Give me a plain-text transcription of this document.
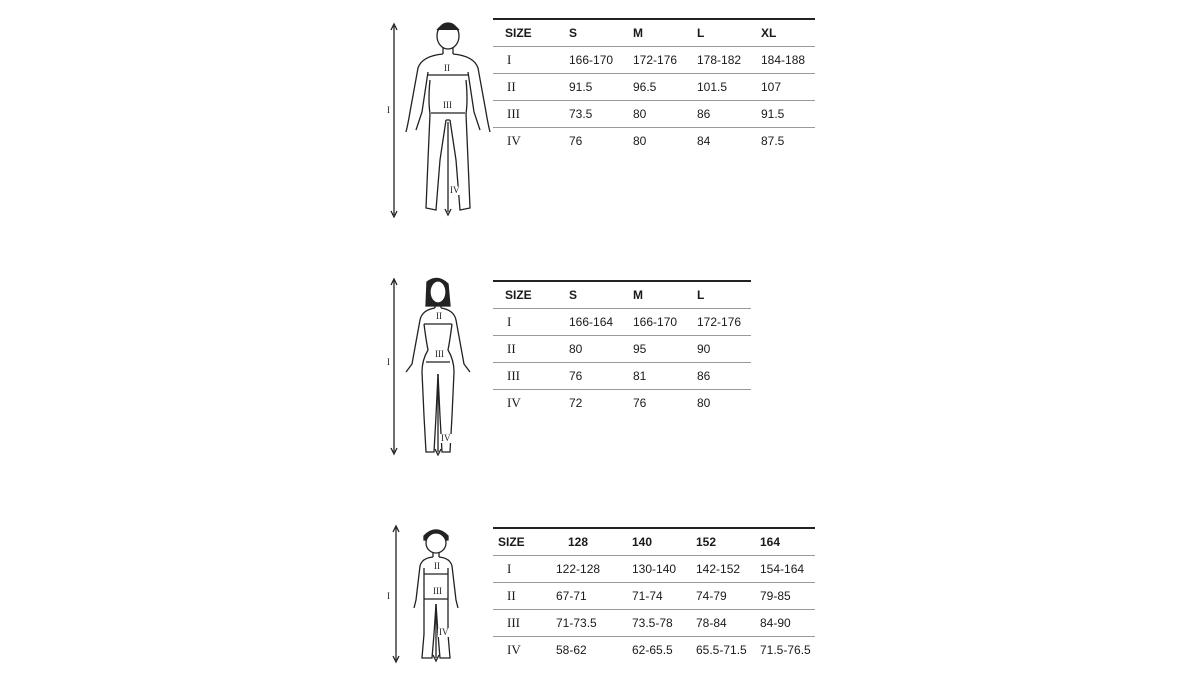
I
II
III
IV
SIZE	S	M	L	XL
I	166-170	172-176	178-182	184-188
II	91.5	96.5	101.5	107
III	73.5	80	86	91.5
IV	76	80	84	87.5
I
II
III
IV
SIZE	S	M	L
I	166-164	166-170	172-176
II	80	95	90
III	76	81	86
IV	72	76	80
I
II
III
IV
SIZE	128	140	152	164
I	122-128	130-140	142-152	154-164
II	67-71	71-74	74-79	79-85
III	71-73.5	73.5-78	78-84	84-90
IV	58-62	62-65.5	65.5-71.5	71.5-76.5
